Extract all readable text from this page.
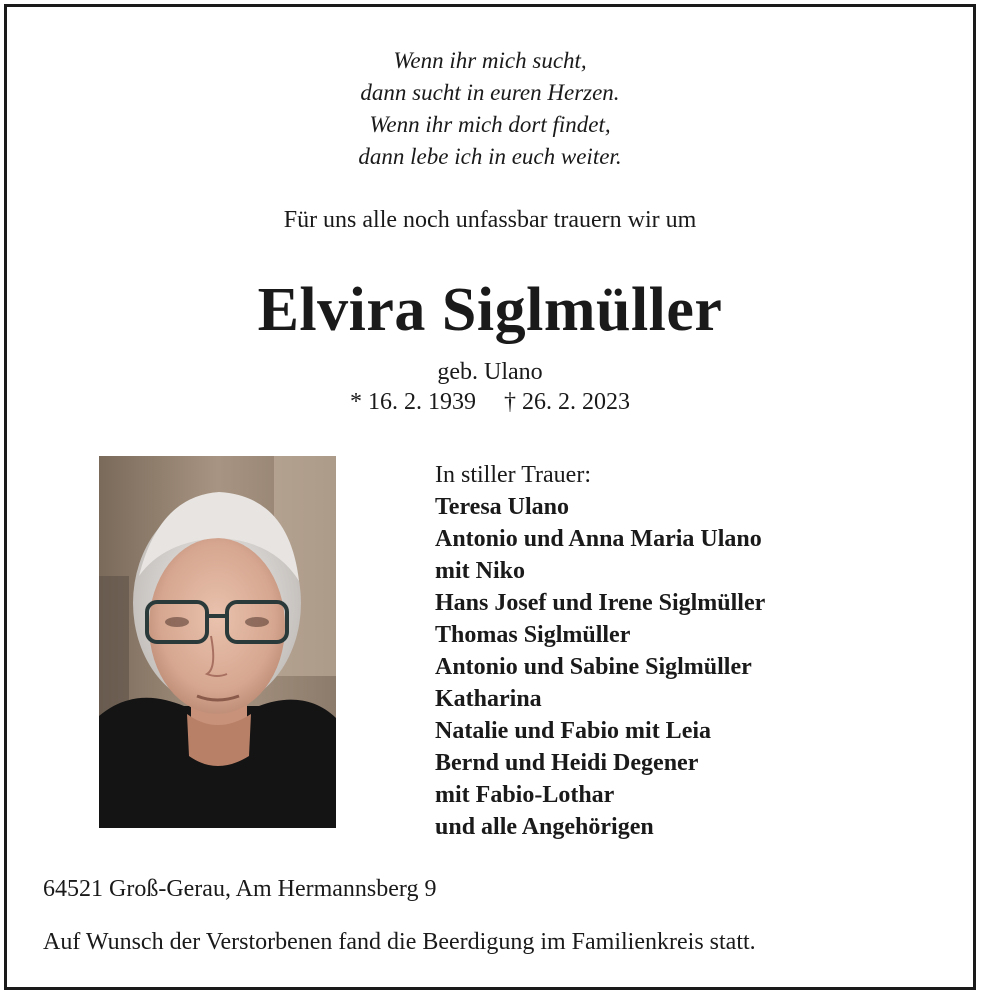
Wenn ihr mich sucht,
dann sucht in euren Herzen.
Wenn ihr mich dort findet,
dann lebe ich in euch weiter.
Für uns alle noch unfassbar trauern wir um
Elvira Siglmüller
geb. Ulano
* 16. 2. 1939 † 26. 2. 2023
In stiller Trauer:
Teresa Ulano
Antonio und Anna Maria Ulano
mit Niko
Hans Josef und Irene Siglmüller
Thomas Siglmüller
Antonio und Sabine Siglmüller
Katharina
Natalie und Fabio mit Leia
Bernd und Heidi Degener
mit Fabio-Lothar
und alle Angehörigen
64521 Groß-Gerau, Am Hermannsberg 9
Auf Wunsch der Verstorbenen fand die Beerdigung im Familienkreis statt.
